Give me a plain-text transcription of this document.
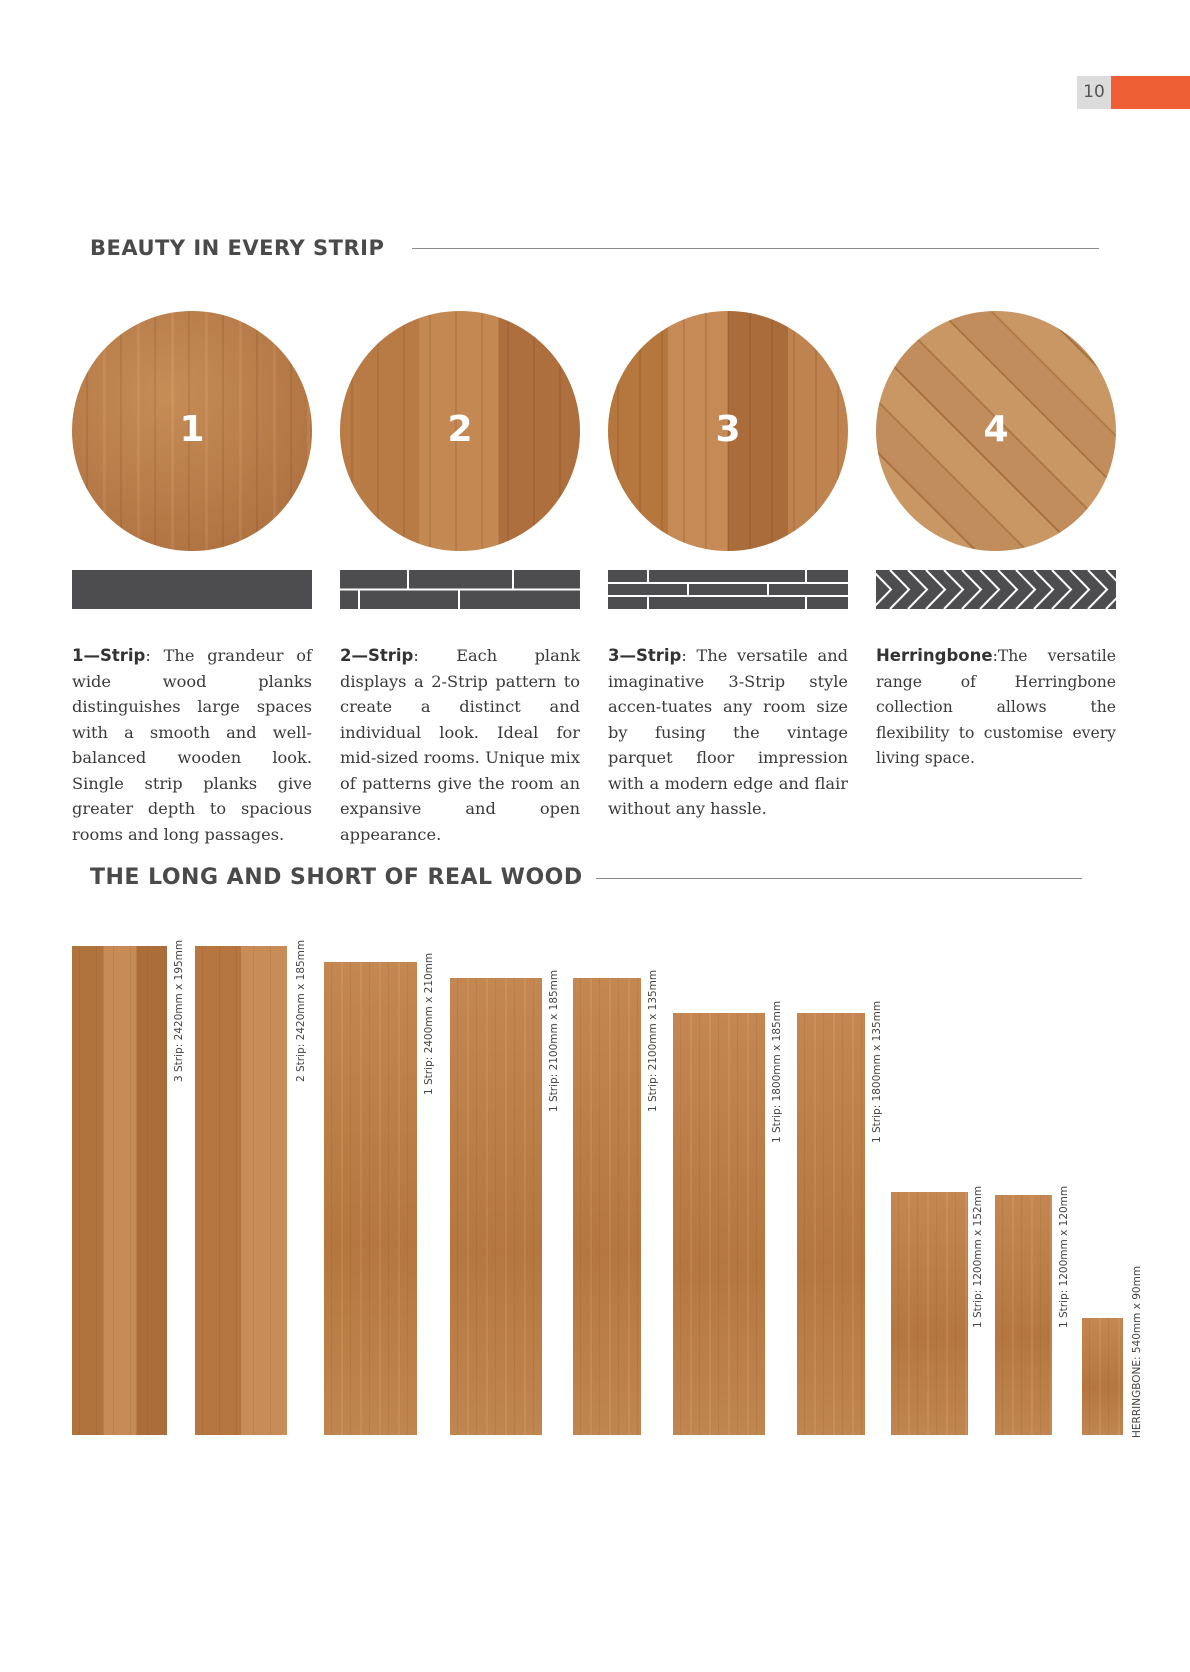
10
BEAUTY IN EVERY STRIP
1	2	3	4
1—Strip: The grandeur of wide wood planks distinguishes large spaces with a smooth and well-balanced wooden look. Single strip planks give greater depth to spacious rooms and long passages.
2—Strip: Each plank displays a 2-Strip pattern to create a distinct and individual look. Ideal for mid-sized rooms. Unique mix of patterns give the room an expansive and open appearance.
3—Strip: The versatile and imaginative 3-Strip style accen-tuates any room size by fusing the vintage parquet floor impression with a modern edge and flair without any hassle.
Herringbone:The versatile range of Herringbone collection allows the flexibility to customise every living space.
THE LONG AND SHORT OF REAL WOOD
3 Strip: 2420mm x 195mm	2 Strip: 2420mm x 185mm	1 Strip: 2400mm x 210mm	1 Strip: 2100mm x 185mm	1 Strip: 2100mm x 135mm	1 Strip: 1800mm x 185mm	1 Strip: 1800mm x 135mm
1 Strip: 1200mm x 152mm	1 Strip: 1200mm x 120mm
HERRINGBONE: 540mm x 90mm
